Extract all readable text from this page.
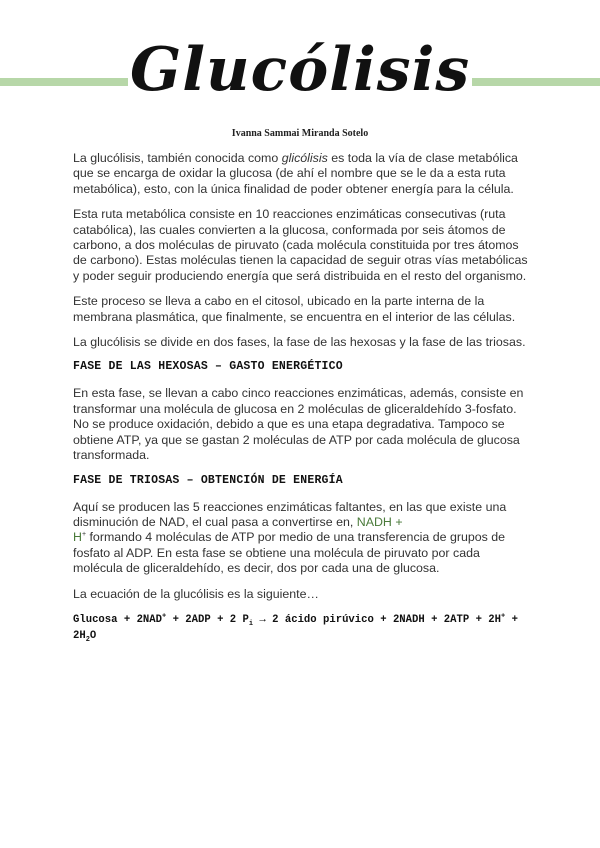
Glucólisis
Ivanna Sammai Miranda Sotelo

La glucólisis, también conocida como glicólisis es toda la vía de clase metabólica que se encarga de oxidar la glucosa (de ahí el nombre que se le da a esta ruta metabólica), esto, con la única finalidad de poder obtener energía para la célula.

Esta ruta metabólica consiste en 10 reacciones enzimáticas consecutivas (ruta catabólica), las cuales convierten a la glucosa, conformada por seis átomos de carbono, a dos moléculas de piruvato (cada molécula constituida por tres átomos de carbono). Estas moléculas tienen la capacidad de seguir otras vías metabólicas y poder seguir produciendo energía que será distribuida en el resto del organismo.

Este proceso se lleva a cabo en el citosol, ubicado en la parte interna de la membrana plasmática, que finalmente, se encuentra en el interior de las células.

La glucólisis se divide en dos fases, la fase de las hexosas y la fase de las triosas.

FASE DE LAS HEXOSAS – GASTO ENERGÉTICO

En esta fase, se llevan a cabo cinco reacciones enzimáticas, además, consiste en transformar una molécula de glucosa en 2 moléculas de gliceraldehído 3-fosfato. No se produce oxidación, debido a que es una etapa degradativa. Tampoco se obtiene ATP, ya que se gastan 2 moléculas de ATP por cada molécula de glucosa transformada.

FASE DE TRIOSAS – OBTENCIÓN DE ENERGÍA

Aquí se producen las 5 reacciones enzimáticas faltantes, en las que existe una disminución de NAD, el cual pasa a convertirse en, NADH +
H+ formando 4 moléculas de ATP por medio de una transferencia de grupos de fosfato al ADP. En esta fase se obtiene una molécula de piruvato por cada molécula de gliceraldehído, es decir, dos por cada una de glucosa.

La ecuación de la glucólisis es la siguiente…

Glucosa + 2NAD+ + 2ADP + 2 $P_i \to 2$ ácido pirúvico + 2NADH + $2ATP + 2H^+ + 2H_2O$
